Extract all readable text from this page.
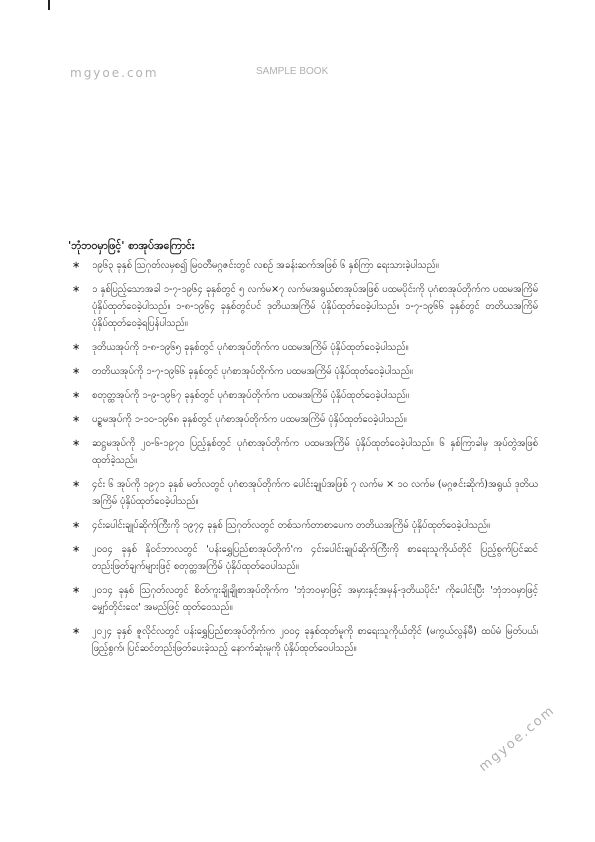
mgyoe.com	SAMPLE BOOK
'ဘုံဘဝမှာဖြင့်' စာအုပ်အကြောင်း
∗ ၁၉၆၃ ခုနှစ် ဩဂုတ်လမှစ၍ မြဝတီမဂ္ဂဇင်းတွင် လစဉ် အခန်းဆက်အဖြစ် ၆ နှစ်ကြာ ရေးသားခဲ့ပါသည်။
∗ ၁ နှစ်ပြည့်သောအခါ ၁-၇-၁၉၆၄ ခုနှစ်တွင် ၅ လက်မ×၇ လက်မအရွယ်စာအုပ်အဖြစ် ပထမပိုင်းကို ပုဂံစာအုပ်တိုက်က ပထမအကြိမ် ပုံနှိပ်ထုတ်ဝေခဲ့ပါသည်။ ၁-၈-၁၉၆၄ ခုနှစ်တွင်ပင် ဒုတိယအကြိမ် ပုံနှိပ်ထုတ်ဝေခဲ့ပါသည်။ ၁-၇-၁၉၆၆ ခုနှစ်တွင် တတိယအကြိမ် ပုံနှိပ်ထုတ်ဝေခဲ့ရပြန်ပါသည်။
∗ ဒုတိယအုပ်ကို ၁-၈-၁၉၆၅ ခုနှစ်တွင် ပုဂံစာအုပ်တိုက်က ပထမအကြိမ် ပုံနှိပ်ထုတ်ဝေခဲ့ပါသည်။
∗ တတိယအုပ်ကို ၁-၇-၁၉၆၆ ခုနှစ်တွင် ပုဂံစာအုပ်တိုက်က ပထမအကြိမ် ပုံနှိပ်ထုတ်ဝေခဲ့ပါသည်။
∗ စတုတ္ထအုပ်ကို ၁-၉-၁၉၆၇ ခုနှစ်တွင် ပုဂံစာအုပ်တိုက်က ပထမအကြိမ် ပုံနှိပ်ထုတ်ဝေခဲ့ပါသည်။
∗ ပဉ္စမအုပ်ကို ၁-၁၀-၁၉၆၈ ခုနှစ်တွင် ပုဂံစာအုပ်တိုက်က ပထမအကြိမ် ပုံနှိပ်ထုတ်ဝေခဲ့ပါသည်။
∗ ဆဋ္ဌမအုပ်ကို ၂၀-၆-၁၉၇၀ ပြည့်နှစ်တွင် ပုဂံစာအုပ်တိုက်က ပထမအကြိမ် ပုံနှိပ်ထုတ်ဝေခဲ့ပါသည်။ ၆ နှစ်ကြာခါမှ အုပ်တွဲအဖြစ် ထုတ်ခဲ့သည်။
∗ ၄င်း ၆ အုပ်ကို ၁၉၇၁ ခုနှစ် မတ်လတွင် ပုဂံစာအုပ်တိုက်က ပေါင်းချုပ်အဖြစ် ၇ လက်မ × ၁၀ လက်မ (မဂ္ဂဇင်းဆိုက်)အရွယ် ဒုတိယအကြိမ် ပုံနှိပ်ထုတ်ဝေခဲ့ပါသည်။
∗ ၄င်းပေါင်းချုပ်ဆိုက်ကြီးကို ၁၉၇၄ ခုနှစ် ဩဂုတ်လတွင် တစ်သက်တာစာပေက တတိယအကြိမ် ပုံနှိပ်ထုတ်ဝေခဲ့ပါသည်။
∗ ၂၀၀၄ ခုနှစ် နိုဝင်ဘာလတွင် 'ပန်းရွှေပြည်စာအုပ်တိုက်'က ၄င်းပေါင်းချုပ်ဆိုက်ကြီးကို စာရေးသူကိုယ်တိုင် ပြည့်စွက်ပြင်ဆင် တည်းဖြတ်ချက်များဖြင့် စတုတ္ထအကြိမ် ပုံနှိပ်ထုတ်ဝေပါသည်။
∗ ၂၀၁၄ ခုနှစ် ဩဂုတ်လတွင် စိတ်ကူးချိုချိုစာအုပ်တိုက်က 'ဘုံဘဝမှာဖြင့် အမှားနှင့်အမှန်-ဒုတိယပိုင်း' ကိုပေါင်းပြီး 'ဘုံဘဝမှာဖြင့် မျှော်တိုင်းဝေး' အမည်ဖြင့် ထုတ်ဝေသည်။
∗ ၂၀၂၄ ခုနှစ် ဇူလိုင်လတွင် ပန်းရွှေပြည်စာအုပ်တိုက်က ၂၀၀၄ ခုနှစ်ထုတ်မူကို စာရေးသူကိုယ်တိုင် (မကွယ်လွန်မီ) ထပ်မံ မြတ်ပယ်၊ ဖြည့်စွက်၊ ပြင်ဆင်တည်းဖြတ်ပေးခဲ့သည့် နောက်ဆုံးမူကို ပုံနှိပ်ထုတ်ဝေပါသည်။
mgyoe.com
